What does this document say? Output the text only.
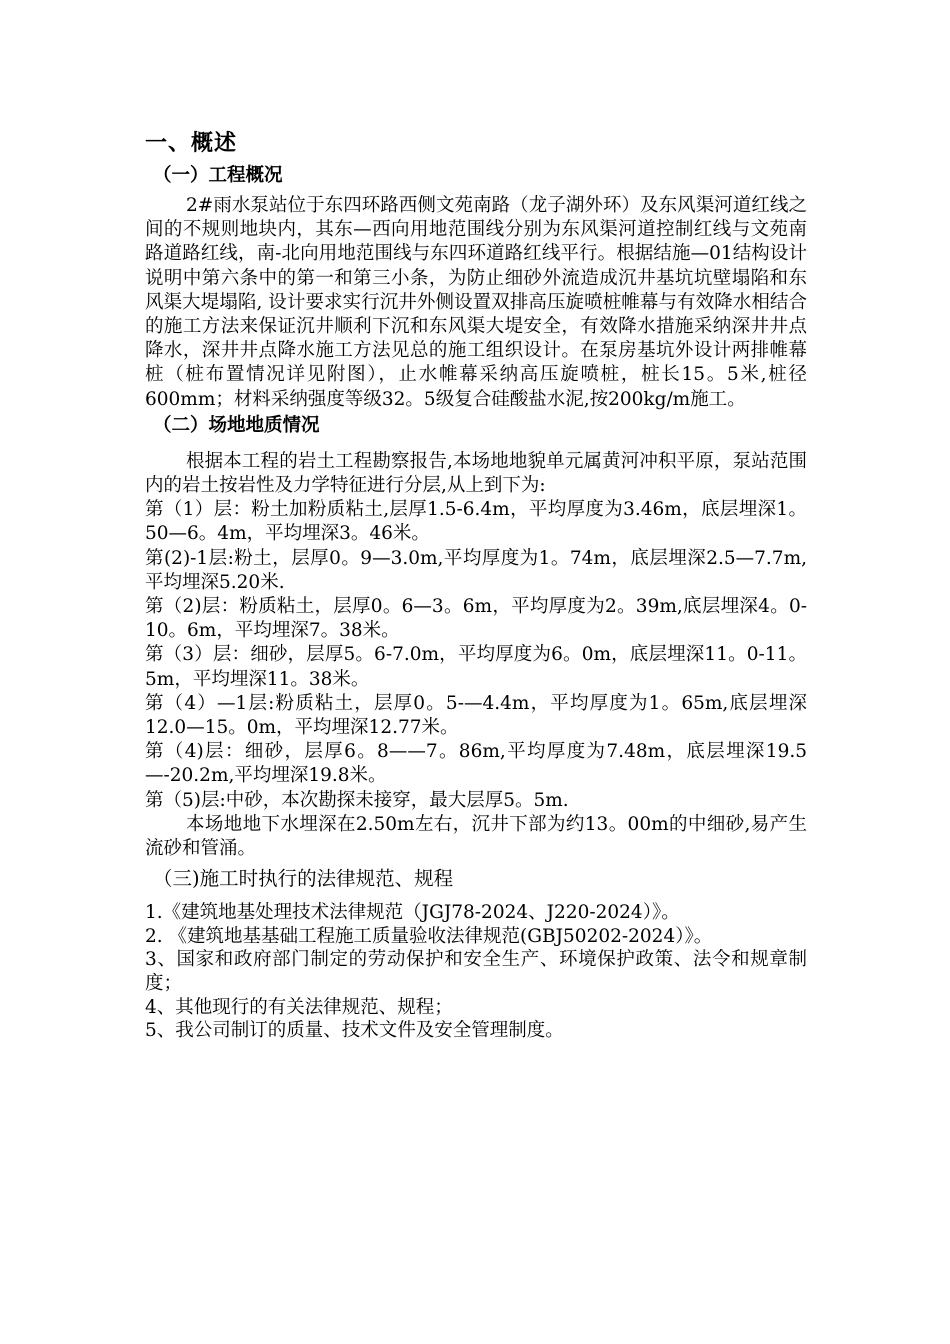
一、概述
（一）工程概况

2#雨水泵站位于东四环路西侧文苑南路（龙子湖外环）及东风渠河道红线之间的不规则地块内，其东—西向用地范围线分别为东风渠河道控制红线与文苑南路道路红线，南-北向用地范围线与东四环道路红线平行。根据结施—01结构设计说明中第六条中的第一和第三小条，为防止细砂外流造成沉井基坑坑壁塌陷和东风渠大堤塌陷, 设计要求实行沉井外侧设置双排高压旋喷桩帷幕与有效降水相结合的施工方法来保证沉井顺利下沉和东风渠大堤安全，有效降水措施采纳深井井点降水，深井井点降水施工方法见总的施工组织设计。在泵房基坑外设计两排帷幕桩（桩布置情况详见附图），止水帷幕采纳高压旋喷桩，桩长15。5米,桩径600mm；材料采纳强度等级32。5级复合硅酸盐水泥,按200kg/m施工。

（二）场地地质情况

根据本工程的岩土工程勘察报告,本场地地貌单元属黄河冲积平原，泵站范围内的岩土按岩性及力学特征进行分层,从上到下为:

第（1）层：粉土加粉质粘土,层厚1.5-6.4m，平均厚度为3.46m，底层埋深1。50—6。4m，平均埋深3。46米。

第(2)-1层:粉土，层厚0。9—3.0m,平均厚度为1。74m，底层埋深2.5—7.7m,平均埋深5.20米.

第（2)层：粉质粘土，层厚0。6—3。6m，平均厚度为2。39m,底层埋深4。0-10。6m，平均埋深7。38米。

第（3）层：细砂，层厚5。6-7.0m，平均厚度为6。0m，底层埋深11。0-11。5m，平均埋深11。38米。

第（4）—1层:粉质粘土，层厚0。5-—4.4m，平均厚度为1。65m,底层埋深12.0—15。0m，平均埋深12.77米。

第（4)层：细砂，层厚6。8——7。86m,平均厚度为7.48m，底层埋深19.5—-20.2m,平均埋深19.8米。

第（5)层:中砂，本次勘探未接穿，最大层厚5。5m.

本场地地下水埋深在2.50m左右，沉井下部为约13。00m的中细砂,易产生流砂和管涌。

（三)施工时执行的法律规范、规程

1.《建筑地基处理技术法律规范（JGJ78-2024、J220-2024）》。

2. 《建筑地基基础工程施工质量验收法律规范(GBJ50202-2024）》。

3、国家和政府部门制定的劳动保护和安全生产、环境保护政策、法令和规章制度；

4、其他现行的有关法律规范、规程；

5、我公司制订的质量、技术文件及安全管理制度。
